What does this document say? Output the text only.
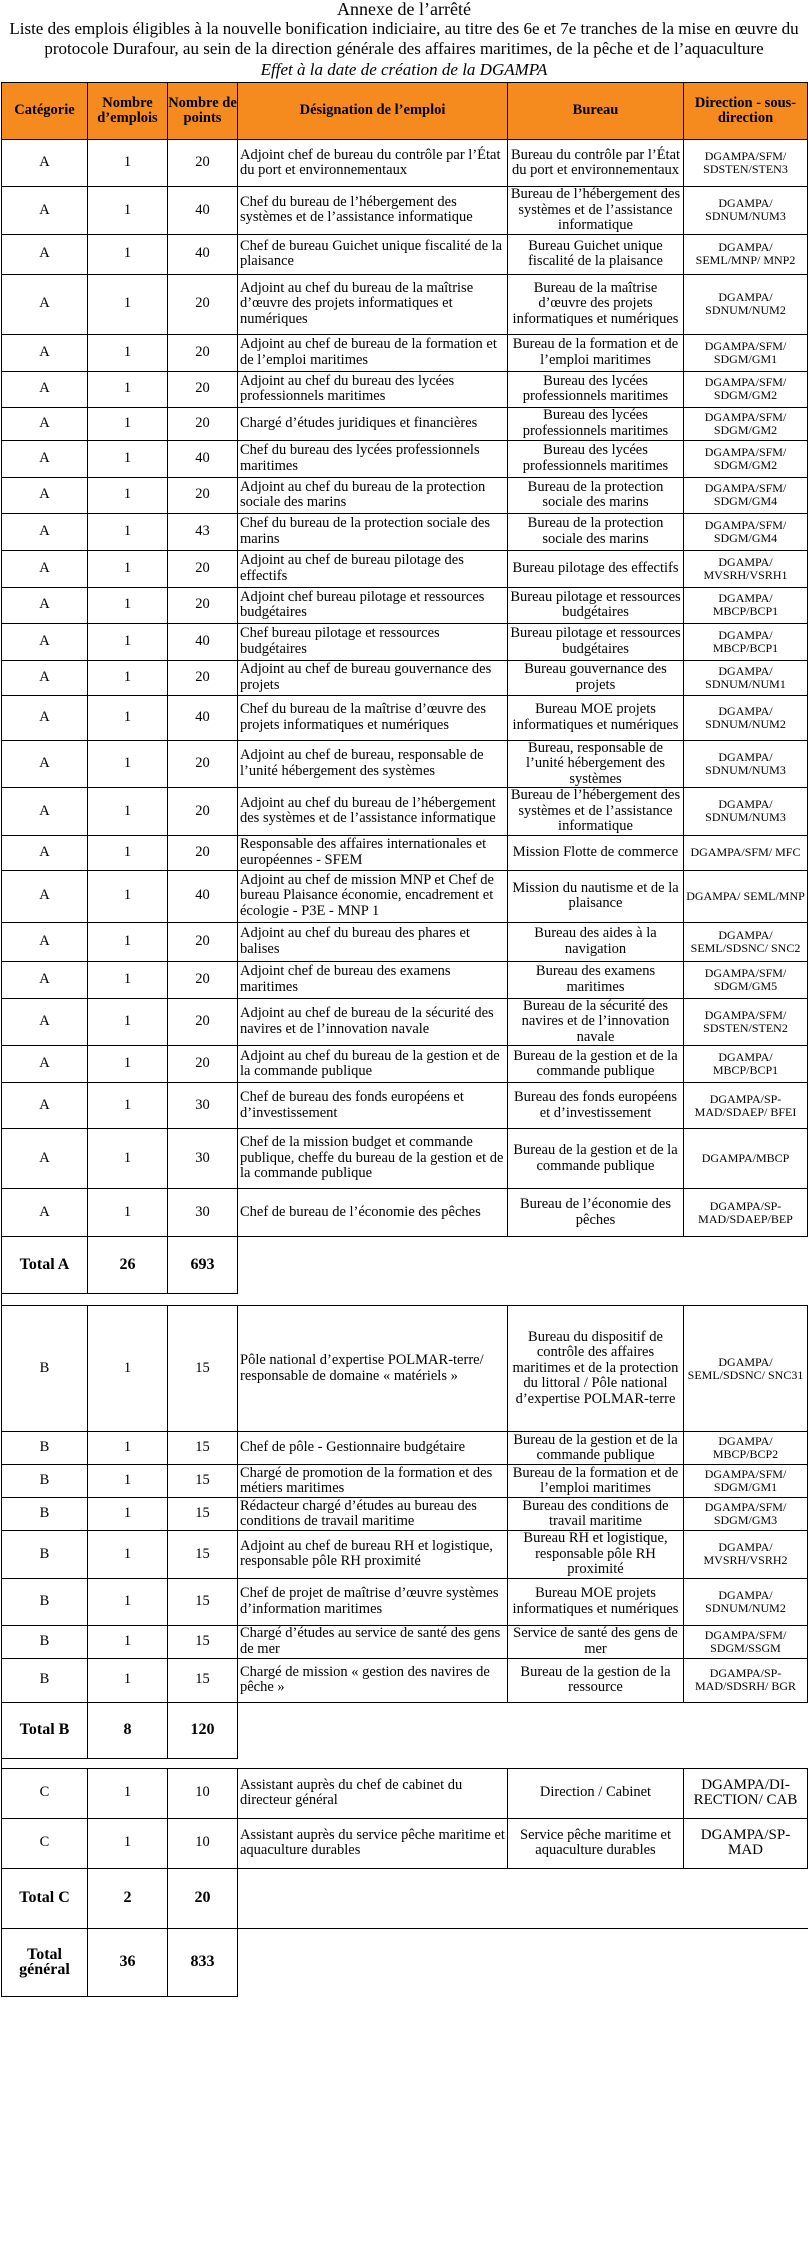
Annexe de l’arrêté
Liste des emplois éligibles à la nouvelle bonification indiciaire, au titre des 6e et 7e tranches de la mise en œuvre du protocole Durafour, au sein de la direction générale des affaires maritimes, de la pêche et de l’aquaculture
Effet à la date de création de la DGAMPA
Catégorie	Nombre d’emplois	Nombre de points	Désignation de l’emploi	Bureau	Direction - sous-direction
A	1	20	Adjoint chef de bureau du contrôle par l’État du port et environnementaux	Bureau du contrôle par l’État du port et environnementaux	DGAMPA/SFM/ SDSTEN/STEN3
A	1	40	Chef du bureau de l’hébergement des systèmes et de l’assistance informatique	Bureau de l’hébergement des systèmes et de l’assistance informatique	DGAMPA/ SDNUM/NUM3
A	1	40	Chef de bureau Guichet unique fiscalité de la plaisance	Bureau Guichet unique fiscalité de la plaisance	DGAMPA/ SEML/MNP/ MNP2
A	1	20	Adjoint au chef du bureau de la maîtrise d’œuvre des projets informatiques et numériques	Bureau de la maîtrise d’œuvre des projets informatiques et numériques	DGAMPA/ SDNUM/NUM2
A	1	20	Adjoint au chef de bureau de la formation et de l’emploi maritimes	Bureau de la formation et de l’emploi maritimes	DGAMPA/SFM/ SDGM/GM1
A	1	20	Adjoint au chef du bureau des lycées professionnels maritimes	Bureau des lycées professionnels maritimes	DGAMPA/SFM/ SDGM/GM2
A	1	20	Chargé d’études juridiques et financières	Bureau des lycées professionnels maritimes	DGAMPA/SFM/ SDGM/GM2
A	1	40	Chef du bureau des lycées professionnels maritimes	Bureau des lycées professionnels maritimes	DGAMPA/SFM/ SDGM/GM2
A	1	20	Adjoint au chef du bureau de la protection sociale des marins	Bureau de la protection sociale des marins	DGAMPA/SFM/ SDGM/GM4
A	1	43	Chef du bureau de la protection sociale des marins	Bureau de la protection sociale des marins	DGAMPA/SFM/ SDGM/GM4
A	1	20	Adjoint au chef de bureau pilotage des effectifs	Bureau pilotage des effectifs	DGAMPA/ MVSRH/VSRH1
A	1	20	Adjoint chef bureau pilotage et ressources budgétaires	Bureau pilotage et ressources budgétaires	DGAMPA/ MBCP/BCP1
A	1	40	Chef bureau pilotage et ressources budgétaires	Bureau pilotage et ressources budgétaires	DGAMPA/ MBCP/BCP1
A	1	20	Adjoint au chef de bureau gouvernance des projets	Bureau gouvernance des projets	DGAMPA/ SDNUM/NUM1
A	1	40	Chef du bureau de la maîtrise d’œuvre des projets informatiques et numériques	Bureau MOE projets informatiques et numériques	DGAMPA/ SDNUM/NUM2
A	1	20	Adjoint au chef de bureau, responsable de l’unité hébergement des systèmes	Bureau, responsable de l’unité hébergement des systèmes	DGAMPA/ SDNUM/NUM3
A	1	20	Adjoint au chef du bureau de l’hébergement des systèmes et de l’assistance informatique	Bureau de l’hébergement des systèmes et de l’assistance informatique	DGAMPA/ SDNUM/NUM3
A	1	20	Responsable des affaires internationales et européennes - SFEM	Mission Flotte de commerce	DGAMPA/SFM/ MFC
A	1	40	Adjoint au chef de mission MNP et Chef de bureau Plaisance économie, encadrement et écologie - P3E - MNP 1	Mission du nautisme et de la plaisance	DGAMPA/ SEML/MNP
A	1	20	Adjoint au chef du bureau des phares et balises	Bureau des aides à la navigation	DGAMPA/ SEML/SDSNC/ SNC2
A	1	20	Adjoint chef de bureau des examens maritimes	Bureau des examens maritimes	DGAMPA/SFM/ SDGM/GM5
A	1	20	Adjoint au chef de bureau de la sécurité des navires et de l’innovation navale	Bureau de la sécurité des navires et de l’innovation navale	DGAMPA/SFM/ SDSTEN/STEN2
A	1	20	Adjoint au chef du bureau de la gestion et de la commande publique	Bureau de la gestion et de la commande publique	DGAMPA/ MBCP/BCP1
A	1	30	Chef de bureau des fonds européens et d’investissement	Bureau des fonds européens et d’investissement	DGAMPA/SP-MAD/SDAEP/ BFEI
A	1	30	Chef de la mission budget et commande publique, cheffe du bureau de la gestion et de la commande publique	Bureau de la gestion et de la commande publique	DGAMPA/MBCP
A	1	30	Chef de bureau de l’économie des pêches	Bureau de l’économie des pêches	DGAMPA/SP-MAD/SDAEP/BEP
Total A	26	693			

B	1	15	Pôle national d’expertise POLMAR-terre/ responsable de domaine « matériels »	Bureau du dispositif de contrôle des affaires maritimes et de la protection du littoral / Pôle national d’expertise POLMAR-terre	DGAMPA/ SEML/SDSNC/ SNC31
B	1	15	Chef de pôle - Gestionnaire budgétaire	Bureau de la gestion et de la commande publique	DGAMPA/ MBCP/BCP2
B	1	15	Chargé de promotion de la formation et des métiers maritimes	Bureau de la formation et de l’emploi maritimes	DGAMPA/SFM/ SDGM/GM1
B	1	15	Rédacteur chargé d’études au bureau des conditions de travail maritime	Bureau des conditions de travail maritime	DGAMPA/SFM/ SDGM/GM3
B	1	15	Adjoint au chef de bureau RH et logistique, responsable pôle RH proximité	Bureau RH et logistique, responsable pôle RH proximité	DGAMPA/ MVSRH/VSRH2
B	1	15	Chef de projet de maîtrise d’œuvre systèmes d’information maritimes	Bureau MOE projets informatiques et numériques	DGAMPA/ SDNUM/NUM2
B	1	15	Chargé d’études au service de santé des gens de mer	Service de santé des gens de mer	DGAMPA/SFM/ SDGM/SSGM
B	1	15	Chargé de mission « gestion des navires de pêche »	Bureau de la gestion de la ressource	DGAMPA/SP-MAD/SDSRH/ BGR
Total B	8	120			

C	1	10	Assistant auprès du chef de cabinet du directeur général	Direction / Cabinet	DGAMPA/DI-RECTION/ CAB
C	1	10	Assistant auprès du service pêche maritime et aquaculture durables	Service pêche maritime et aquaculture durables	DGAMPA/SP-MAD
Total C	2	20			
Total général	36	833			
